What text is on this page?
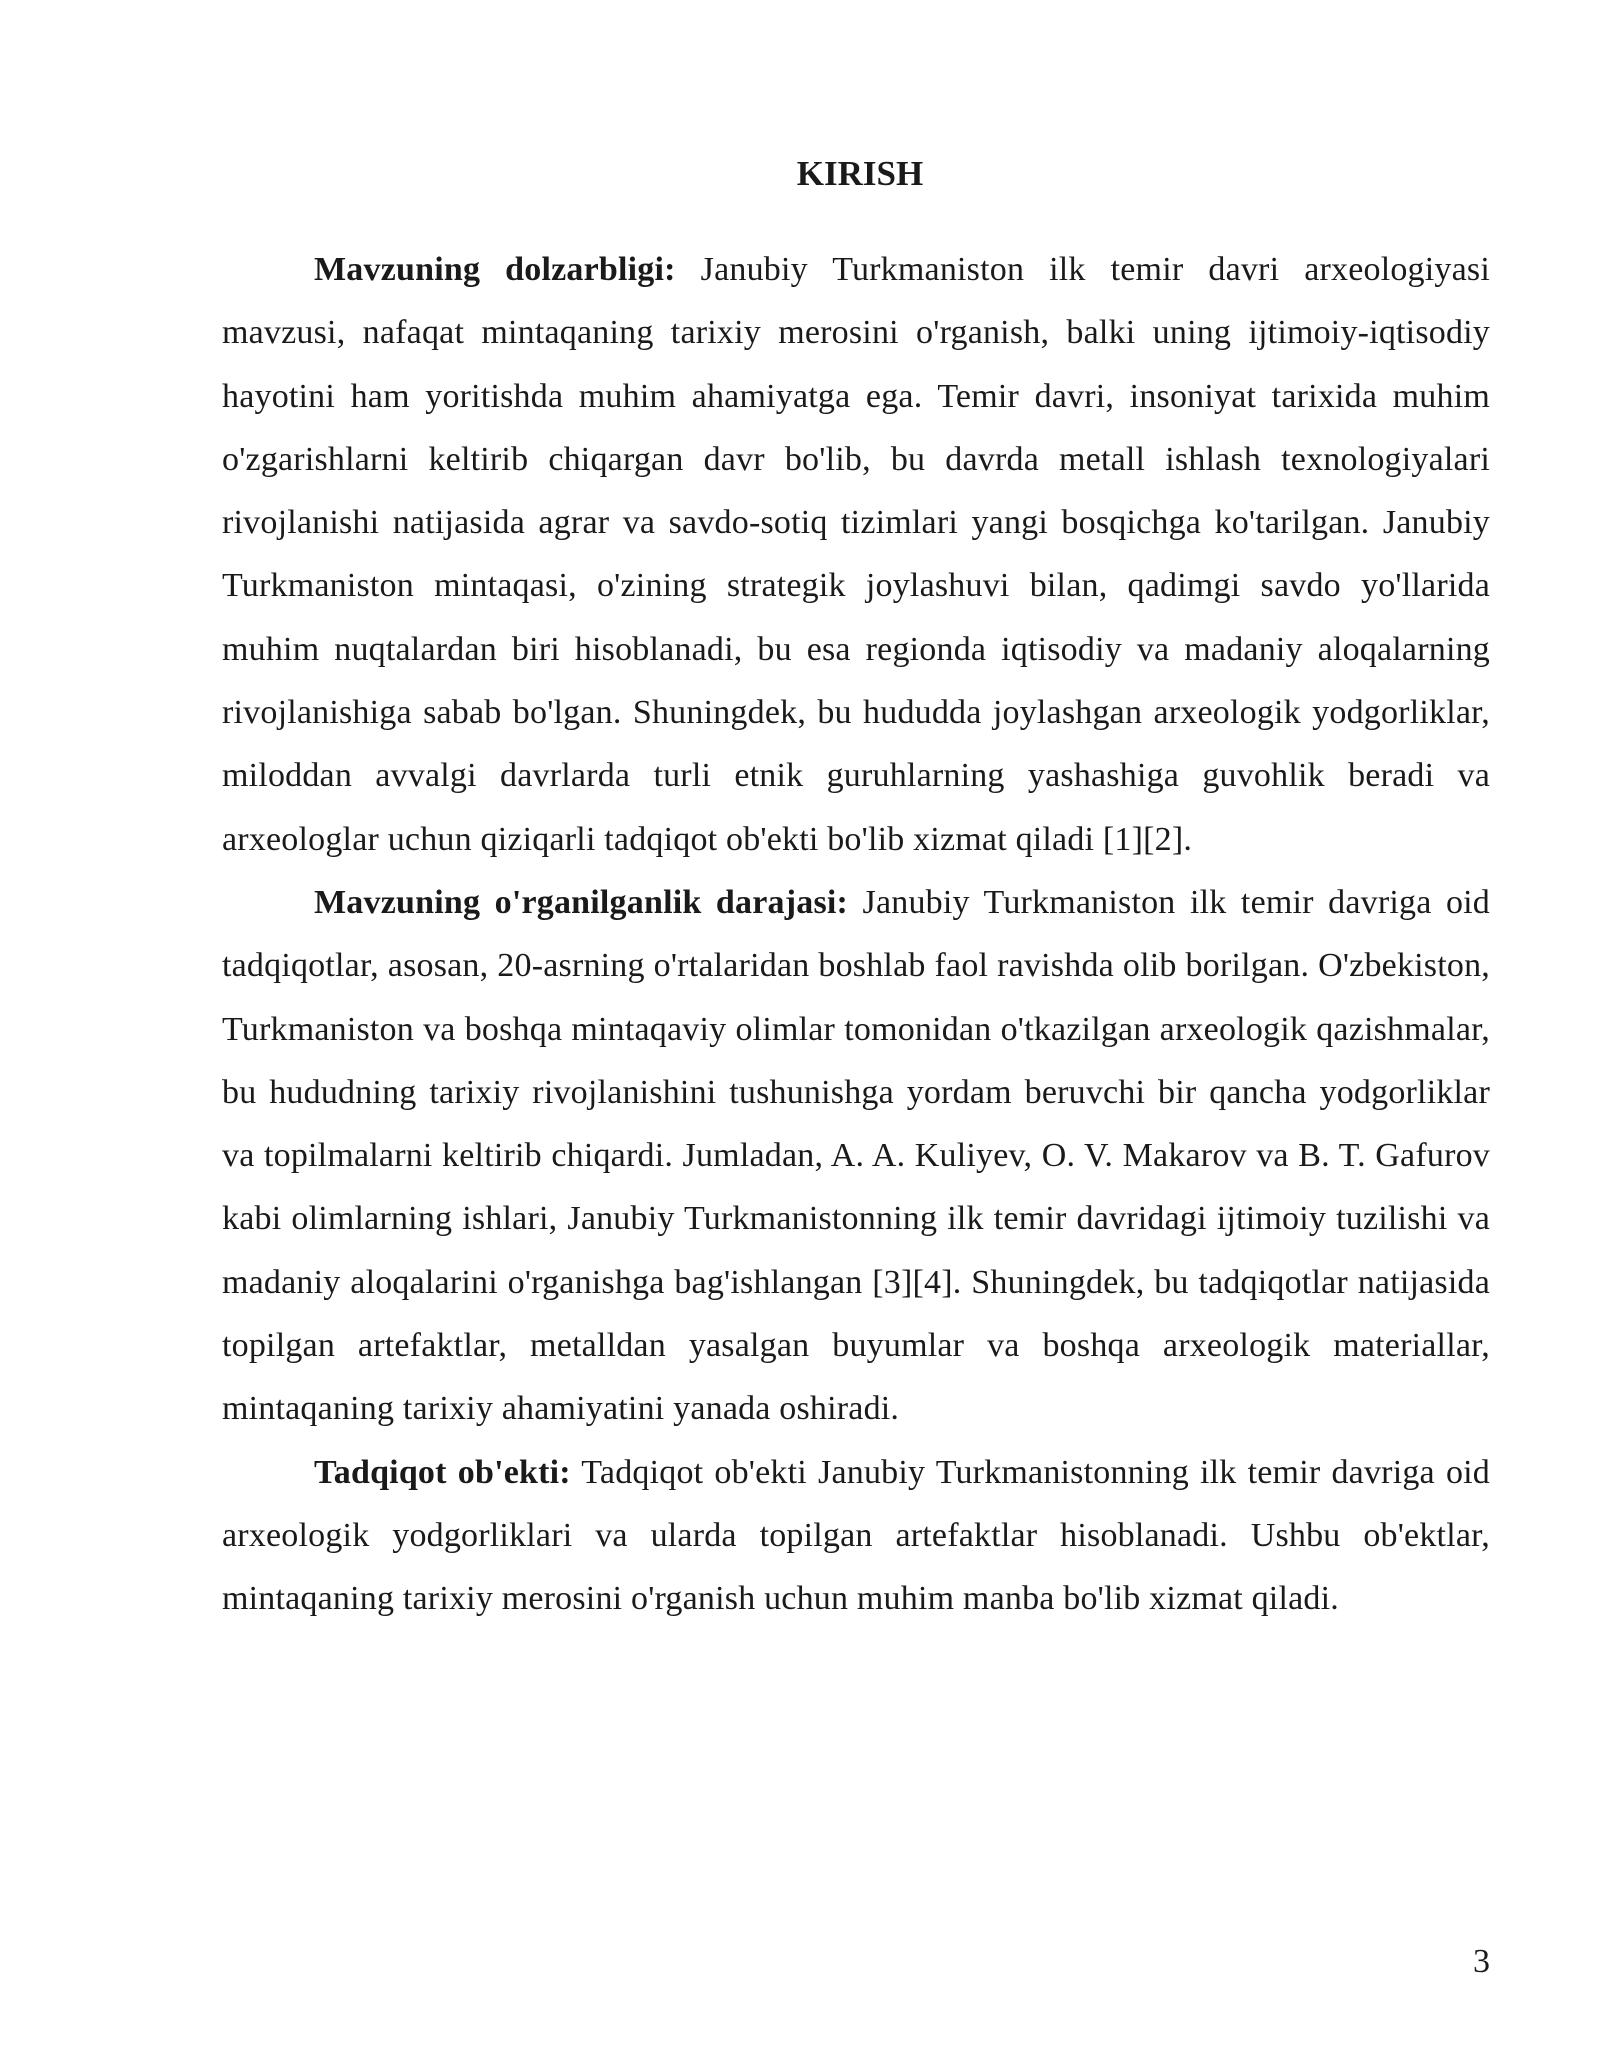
KIRISH

Mavzuning dolzarbligi: Janubiy Turkmaniston ilk temir davri arxeologiyasi mavzusi, nafaqat mintaqaning tarixiy merosini o'rganish, balki uning ijtimoiy-iqtisodiy hayotini ham yoritishda muhim ahamiyatga ega. Temir davri, insoniyat tarixida muhim o'zgarishlarni keltirib chiqargan davr bo'lib, bu davrda metall ishlash texnologiyalari rivojlanishi natijasida agrar va savdo-sotiq tizimlari yangi bosqichga ko'tarilgan. Janubiy Turkmaniston mintaqasi, o'zining strategik joylashuvi bilan, qadimgi savdo yo'llarida muhim nuqtalardan biri hisoblanadi, bu esa regionda iqtisodiy va madaniy aloqalarning rivojlanishiga sabab bo'lgan. Shuningdek, bu hududda joylashgan arxeologik yodgorliklar, miloddan avvalgi davrlarda turli etnik guruhlarning yashashiga guvohlik beradi va arxeologlar uchun qiziqarli tadqiqot ob'ekti bo'lib xizmat qiladi [1][2].

Mavzuning o'rganilganlik darajasi: Janubiy Turkmaniston ilk temir davriga oid tadqiqotlar, asosan, 20-asrning o'rtalaridan boshlab faol ravishda olib borilgan. O'zbekiston, Turkmaniston va boshqa mintaqaviy olimlar tomonidan o'tkazilgan arxeologik qazishmalar, bu hududning tarixiy rivojlanishini tushunishga yordam beruvchi bir qancha yodgorliklar va topilmalarni keltirib chiqardi. Jumladan, A. A. Kuliyev, O. V. Makarov va B. T. Gafurov kabi olimlarning ishlari, Janubiy Turkmanistonning ilk temir davridagi ijtimoiy tuzilishi va madaniy aloqalarini o'rganishga bag'ishlangan [3][4]. Shuningdek, bu tadqiqotlar natijasida topilgan artefaktlar, metalldan yasalgan buyumlar va boshqa arxeologik materiallar, mintaqaning tarixiy ahamiyatini yanada oshiradi.

Tadqiqot ob'ekti: Tadqiqot ob'ekti Janubiy Turkmanistonning ilk temir davriga oid arxeologik yodgorliklari va ularda topilgan artefaktlar hisoblanadi. Ushbu ob'ektlar, mintaqaning tarixiy merosini o'rganish uchun muhim manba bo'lib xizmat qiladi.

3
